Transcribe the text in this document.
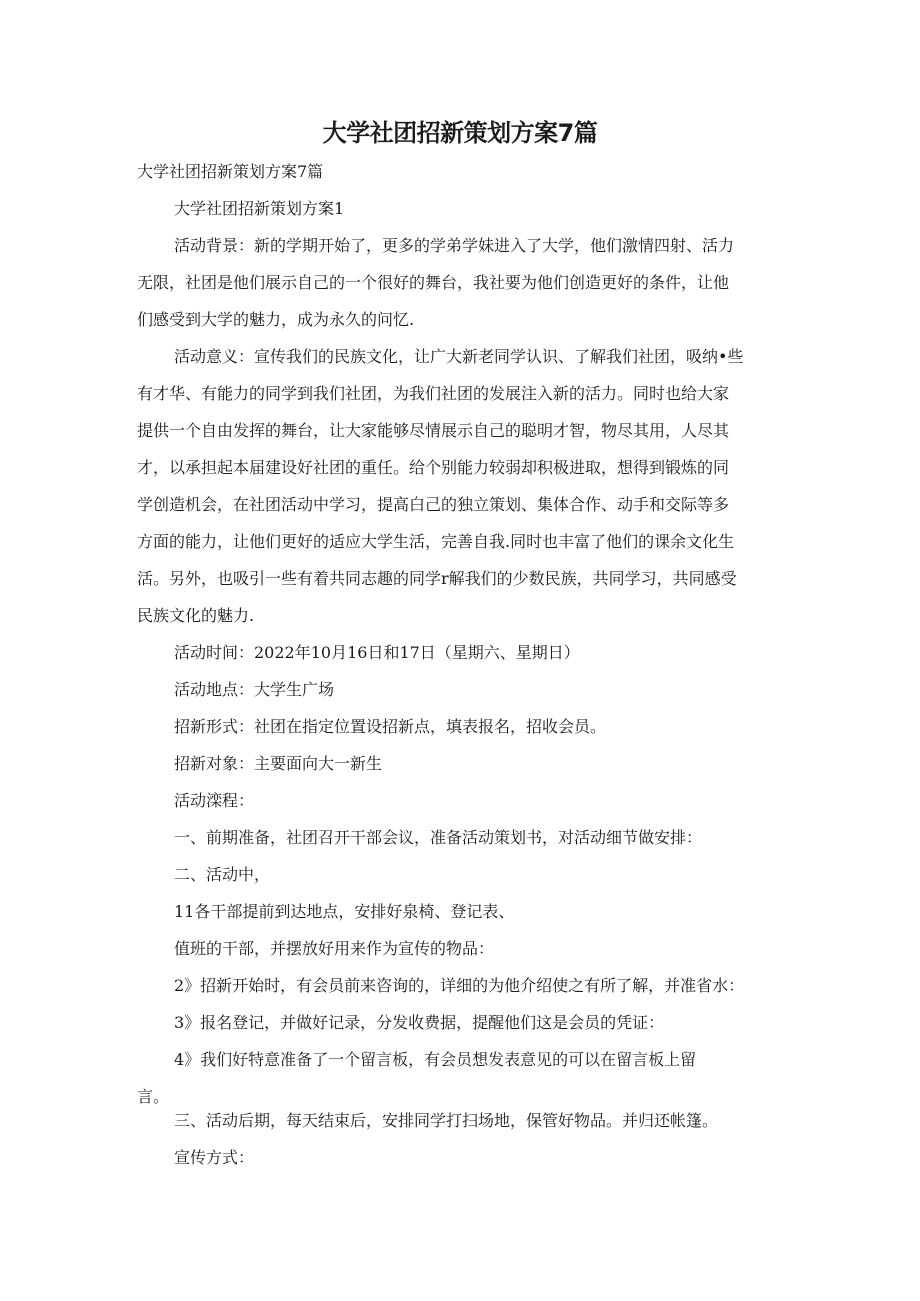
大学社团招新策划方案7篇
大学社团招新策划方案7篇
大学社团招新策划方案1
活动背景：新的学期开始了，更多的学弟学妹进入了大学，他们激情四射、活力
无限，社团是他们展示自己的一个很好的舞台，我社要为他们创造更好的条件，让他
们感受到大学的魅力，成为永久的问忆.
活动意义：宣传我们的民族文化，让广大新老同学认识、了解我们社团，吸纳•些
有才华、有能力的同学到我们社团，为我们社团的发展注入新的活力。同时也给大家
提供一个自由发挥的舞台，让大家能够尽情展示自己的聪明才智，物尽其用，人尽其
才，以承担起本届建设好社团的重任。给个别能力较弱却积极进取，想得到锻炼的同
学创造机会，在社团活动中学习，提高白己的独立策划、集体合作、动手和交际等多
方面的能力，让他们更好的适应大学生活，完善自我.同时也丰富了他们的课余文化生
活。另外，也吸引一些有着共同志趣的同学r解我们的少数民族，共同学习，共同感受
民族文化的魅力.
活动时间：2022年10月16日和17日（星期六、星期日）
活动地点：大学生广场
招新形式：社团在指定位置设招新点，填表报名，招收会员。
招新对象：主要面向大一新生
活动滦程：
一、前期准备，社团召开干部会议，准备活动策划书，对活动细节做安排：
二、活动中，
11各干部提前到达地点，安排好泉椅、登记表、
值班的干部，并摆放好用来作为宣传的物品：
2》招新开始时，有会员前来咨询的，详细的为他介绍使之有所了解，并准省水：
3》报名登记，并做好记录，分发收费据，提醒他们这是会员的凭证：
4》我们好特意准备了一个留言板，有会员想发表意见的可以在留言板上留
言。
三、活动后期，每天结束后，安排同学打扫场地，保管好物品。并归还帐篷。
宣传方式：
